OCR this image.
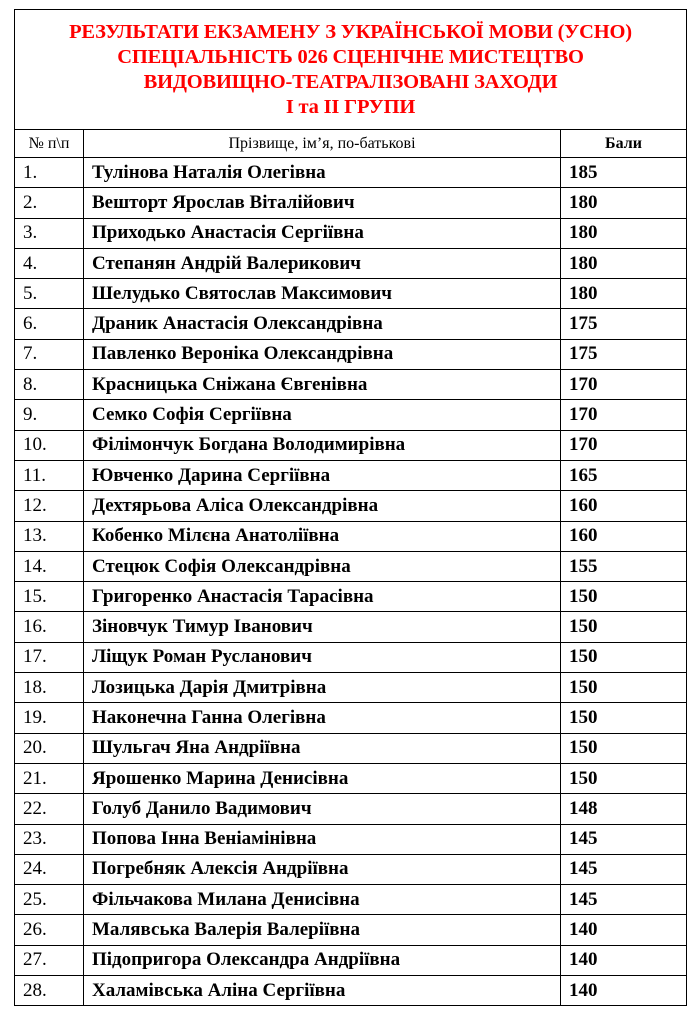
РЕЗУЛЬТАТИ ЕКЗАМЕНУ З УКРАЇНСЬКОЇ МОВИ (УСНО)
СПЕЦІАЛЬНІСТЬ 026 СЦЕНІЧНЕ МИСТЕЦТВО
ВИДОВИЩНО-ТЕАТРАЛІЗОВАНІ ЗАХОДИ
І та ІІ ГРУПИ		

№ п\п	Прізвище, ім’я, по-батькові	Бали
1.	Тулінова Наталія Олегівна	185
2.	Вешторт Ярослав Віталійович	180
3.	Приходько Анастасія Сергіївна	180
4.	Степанян Андрій Валерикович	180
5.	Шелудько Святослав Максимович	180
6.	Драник Анастасія Олександрівна	175
7.	Павленко Вероніка Олександрівна	175
8.	Красницька Сніжана Євгенівна	170
9.	Семко Софія Сергіївна	170
10.	Філімончук Богдана Володимирівна	170
11.	Ювченко Дарина Сергіївна	165
12.	Дехтярьова Аліса Олександрівна	160
13.	Кобенко Мілєна Анатоліївна	160
14.	Стецюк Софія Олександрівна	155
15.	Григоренко Анастасія Тарасівна	150
16.	Зіновчук Тимур Іванович	150
17.	Ліщук Роман Русланович	150
18.	Лозицька Дарія Дмитрівна	150
19.	Наконечна Ганна Олегівна	150
20.	Шульгач Яна Андріївна	150
21.	Ярошенко Марина Денисівна	150
22.	Голуб Данило Вадимович	148
23.	Попова Інна Веніамінівна	145
24.	Погребняк Алексія Андріївна	145
25.	Фільчакова Милана Денисівна	145
26.	Малявська Валерія Валеріївна	140
27.	Підопригора Олександра Андріївна	140
28.	Халамівська Аліна Сергіївна	140
